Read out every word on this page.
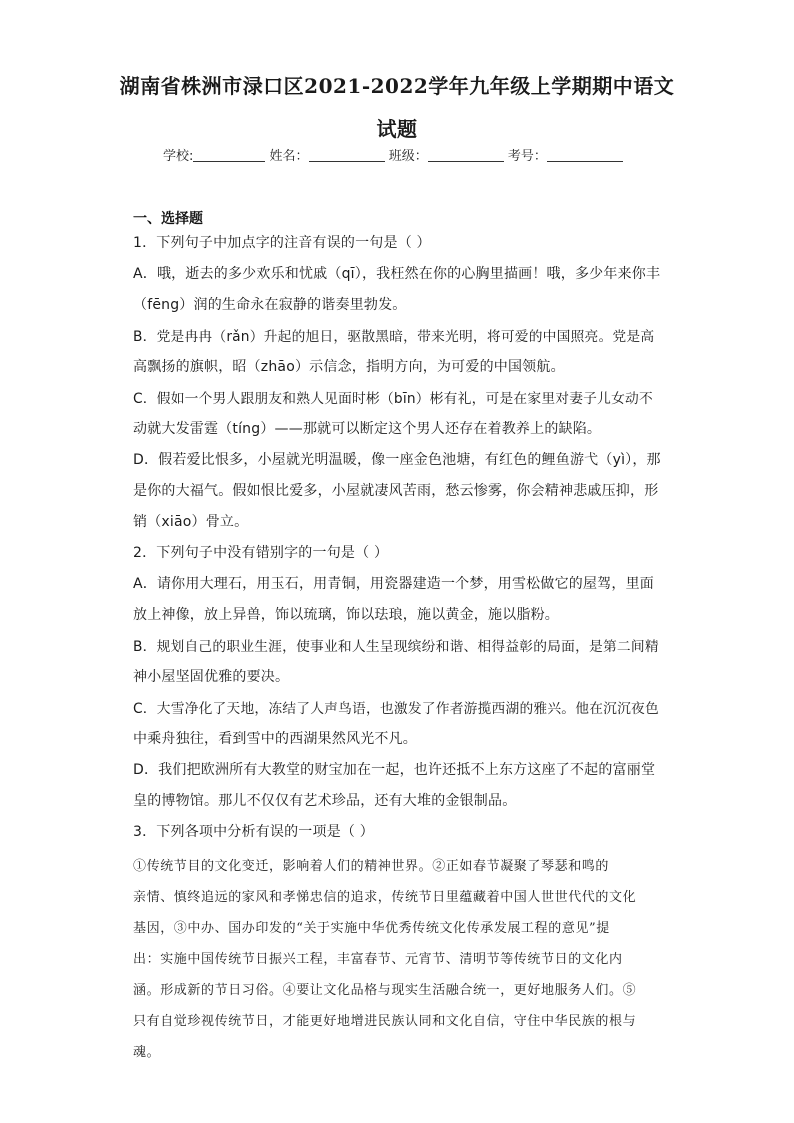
湖南省株洲市渌口区2021-2022学年九年级上学期期中语文
试题
学校:	姓名：	班级：	考号：
一、选择题
1．下列句子中加点字的注音有误的一句是（ ）
A．哦，逝去的多少欢乐和忧戚（qī），我枉然在你的心胸里描画！哦，多少年来你丰
（fēng）润的生命永在寂静的谐奏里勃发。
B．党是冉冉（rǎn）升起的旭日，驱散黑暗，带来光明，将可爱的中国照亮。党是高
高飘扬的旗帜，昭（zhāo）示信念，指明方向，为可爱的中国领航。
C．假如一个男人跟朋友和熟人见面时彬（bīn）彬有礼，可是在家里对妻子儿女动不
动就大发雷霆（tíng）——那就可以断定这个男人还存在着教养上的缺陷。
D．假若爱比恨多，小屋就光明温暖，像一座金色池塘，有红色的鲤鱼游弋（yì），那
是你的大福气。假如恨比爱多，小屋就凄风苦雨，愁云惨雾，你会精神悲戚压抑，形
销（xiāo）骨立。
2．下列句子中没有错别字的一句是（ ）
A．请你用大理石，用玉石，用青铜，用瓷器建造一个梦，用雪松做它的屋驾，里面
放上神像，放上异兽，饰以琉璃，饰以珐琅，施以黄金，施以脂粉。
B．规划自己的职业生涯，使事业和人生呈现缤纷和谐、相得益彰的局面，是第二间精
神小屋坚固优雅的要决。
C．大雪净化了天地，冻结了人声鸟语，也激发了作者游揽西湖的雅兴。他在沉沉夜色
中乘舟独往，看到雪中的西湖果然风光不凡。
D．我们把欧洲所有大教堂的财宝加在一起，也许还抵不上东方这座了不起的富丽堂
皇的博物馆。那儿不仅仅有艺术珍品，还有大堆的金银制品。
3．下列各项中分析有误的一项是（ ）
①传统节目的文化变迁，影响着人们的精神世界。②正如春节凝聚了琴瑟和鸣的
亲情、慎终追远的家风和孝悌忠信的追求，传统节日里蕴藏着中国人世世代代的文化
基因，③中办、国办印发的“关于实施中华优秀传统文化传承发展工程的意见”提
出：实施中国传统节日振兴工程，丰富春节、元宵节、清明节等传统节日的文化内
涵。形成新的节日习俗。④要让文化品格与现实生活融合统一，更好地服务人们。⑤
只有自觉珍视传统节日，才能更好地增进民族认同和文化自信，守住中华民族的根与
魂。
